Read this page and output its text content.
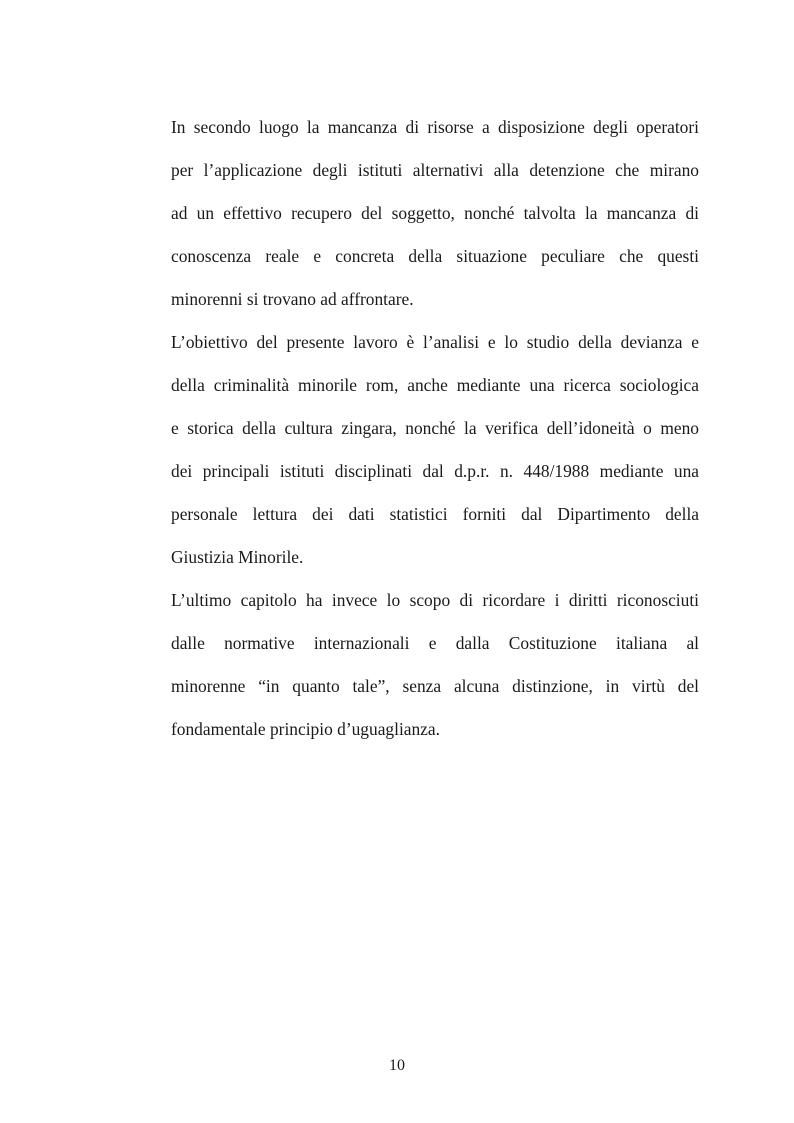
In secondo luogo la mancanza di risorse a disposizione degli operatori
per l’applicazione degli istituti alternativi alla detenzione che mirano
ad un effettivo recupero del soggetto, nonché talvolta la mancanza di
conoscenza reale e concreta della situazione peculiare che questi
minorenni si trovano ad affrontare.
L’obiettivo del presente lavoro è l’analisi e lo studio della devianza e
della criminalità minorile rom, anche mediante una ricerca sociologica
e storica della cultura zingara, nonché la verifica dell’idoneità o meno
dei principali istituti disciplinati dal d.p.r. n. 448/1988 mediante una
personale lettura dei dati statistici forniti dal Dipartimento della
Giustizia Minorile.
L’ultimo capitolo ha invece lo scopo di ricordare i diritti riconosciuti
dalle normative internazionali e dalla Costituzione italiana al
minorenne “in quanto tale”, senza alcuna distinzione, in virtù del
fondamentale principio d’uguaglianza.
10
